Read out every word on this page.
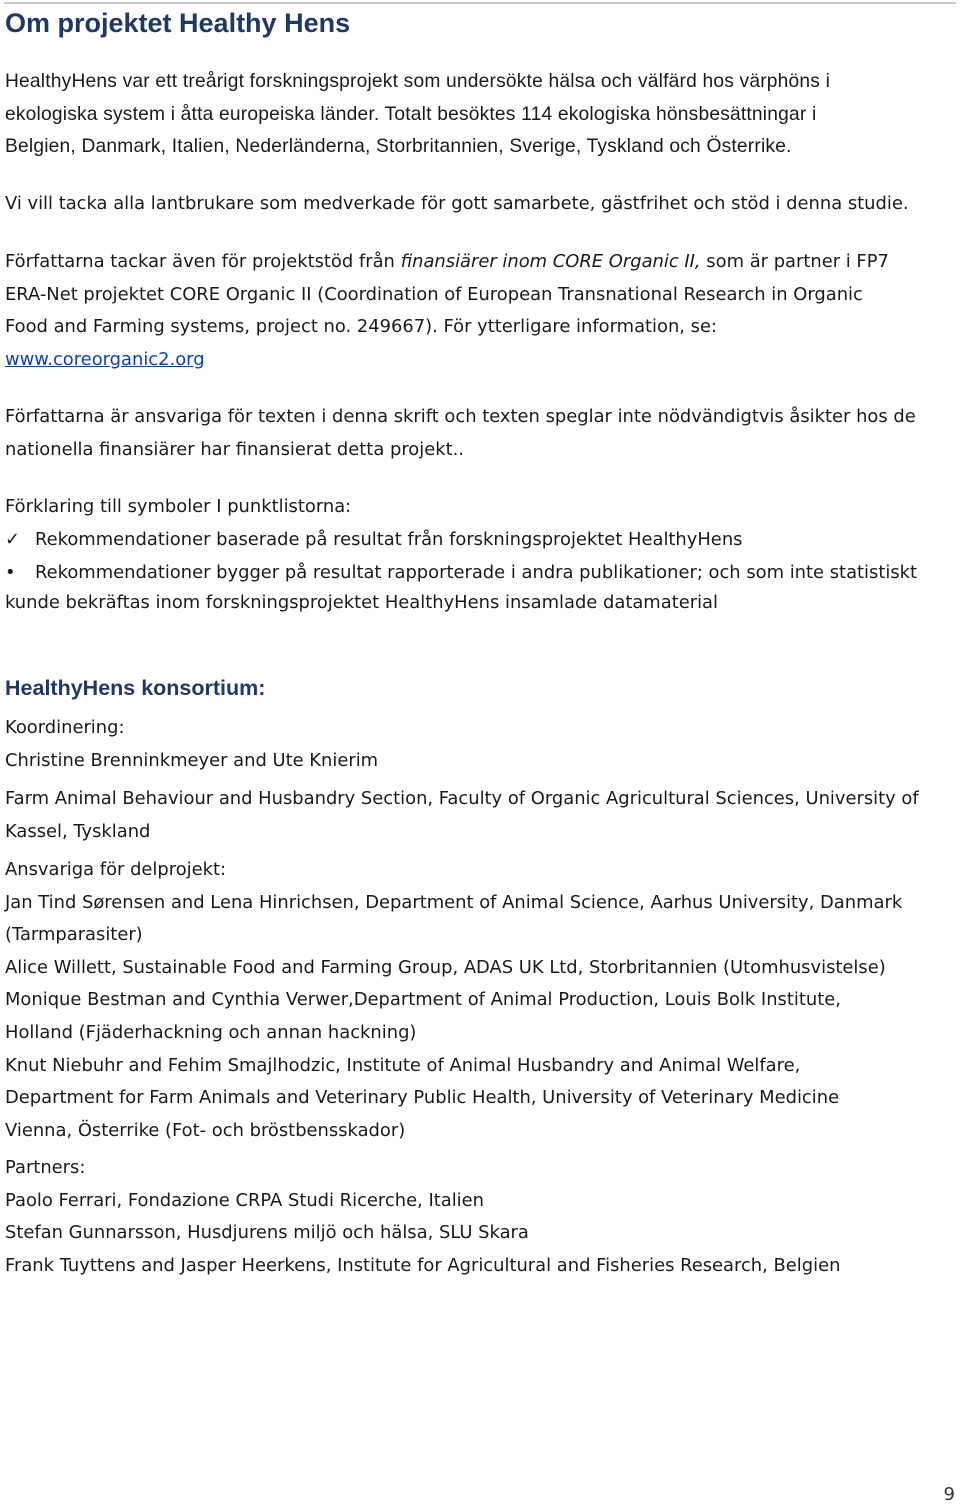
Om projektet Healthy Hens
HealthyHens var ett treårigt forskningsprojekt som undersökte hälsa och välfärd hos värphöns i
ekologiska system i åtta europeiska länder. Totalt besöktes 114 ekologiska hönsbesättningar i
Belgien, Danmark, Italien, Nederländerna, Storbritannien, Sverige, Tyskland och Österrike.
Vi vill tacka alla lantbrukare som medverkade för gott samarbete, gästfrihet och stöd i denna studie.
Författarna tackar även för projektstöd från finansiärer inom CORE Organic II, som är partner i FP7
ERA-Net projektet CORE Organic II (Coordination of European Transnational Research in Organic
Food and Farming systems, project no. 249667). För ytterligare information, se:
www.coreorganic2.org
Författarna är ansvariga för texten i denna skrift och texten speglar inte nödvändigtvis åsikter hos de
nationella finansiärer har finansierat detta projekt..
Förklaring till symboler I punktlistorna:
✓ Rekommendationer baserade på resultat från forskningsprojektet HealthyHens
• Rekommendationer bygger på resultat rapporterade i andra publikationer; och som inte statistiskt
kunde bekräftas inom forskningsprojektet HealthyHens insamlade datamaterial
HealthyHens konsortium:
Koordinering:
Christine Brenninkmeyer and Ute Knierim
Farm Animal Behaviour and Husbandry Section, Faculty of Organic Agricultural Sciences, University of
Kassel, Tyskland
Ansvariga för delprojekt:
Jan Tind Sørensen and Lena Hinrichsen, Department of Animal Science, Aarhus University, Danmark
(Tarmparasiter)
Alice Willett, Sustainable Food and Farming Group, ADAS UK Ltd, Storbritannien (Utomhusvistelse)
Monique Bestman and Cynthia Verwer,Department of Animal Production, Louis Bolk Institute,
Holland (Fjäderhackning och annan hackning)
Knut Niebuhr and Fehim Smajlhodzic, Institute of Animal Husbandry and Animal Welfare,
Department for Farm Animals and Veterinary Public Health, University of Veterinary Medicine
Vienna, Österrike (Fot- och bröstbensskador)
Partners:
Paolo Ferrari, Fondazione CRPA Studi Ricerche, Italien
Stefan Gunnarsson, Husdjurens miljö och hälsa, SLU Skara
Frank Tuyttens and Jasper Heerkens, Institute for Agricultural and Fisheries Research, Belgien
9
